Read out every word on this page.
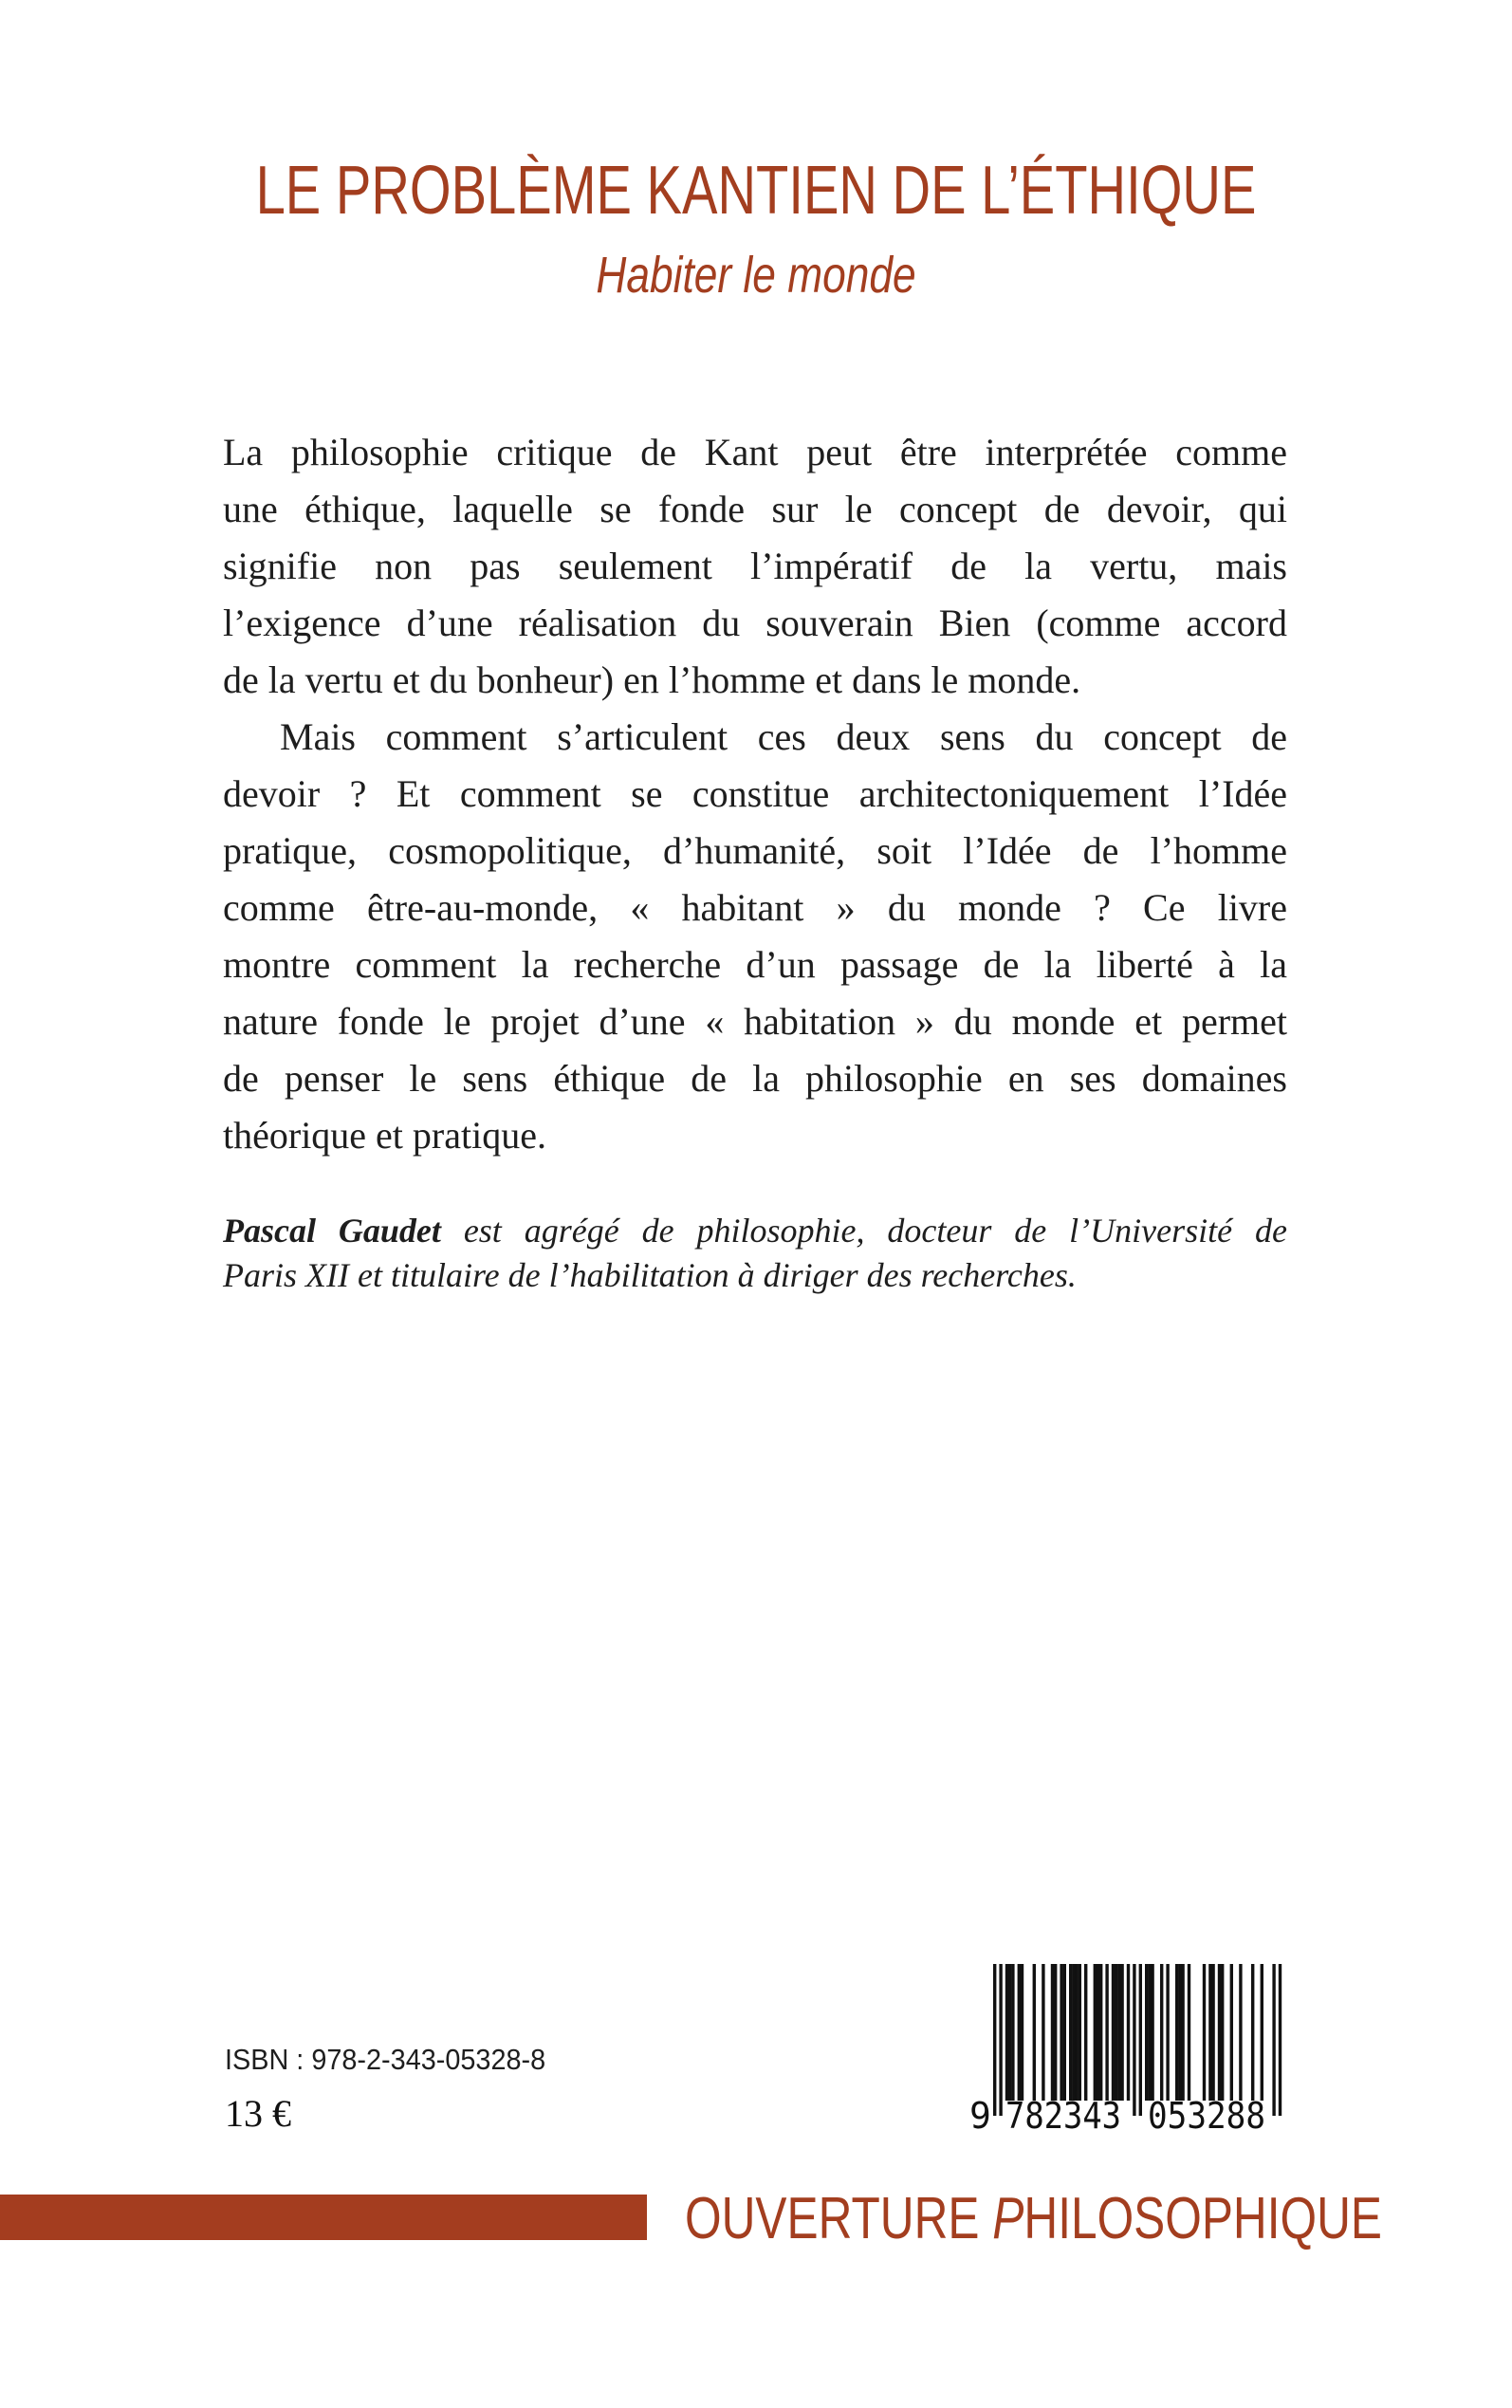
LE PROBLÈME KANTIEN DE L’ÉTHIQUE
Habiter le monde
La philosophie critique de Kant peut être interprétée comme
une éthique, laquelle se fonde sur le concept de devoir, qui
signifie non pas seulement l’impératif de la vertu, mais
l’exigence d’une réalisation du souverain Bien (comme accord
de la vertu et du bonheur) en l’homme et dans le monde.
Mais comment s’articulent ces deux sens du concept de
devoir ? Et comment se constitue architectoniquement l’Idée
pratique, cosmopolitique, d’humanité, soit l’Idée de l’homme
comme être-au-monde, « habitant » du monde ? Ce livre
montre comment la recherche d’un passage de la liberté à la
nature fonde le projet d’une « habitation » du monde et permet
de penser le sens éthique de la philosophie en ses domaines
théorique et pratique.
Pascal Gaudet est agrégé de philosophie, docteur de l’Université de
Paris XII et titulaire de l’habilitation à diriger des recherches.
ISBN : 978-2-343-05328-8
13 €	9 782343 053288
OUVERTURE PHILOSOPHIQUE
